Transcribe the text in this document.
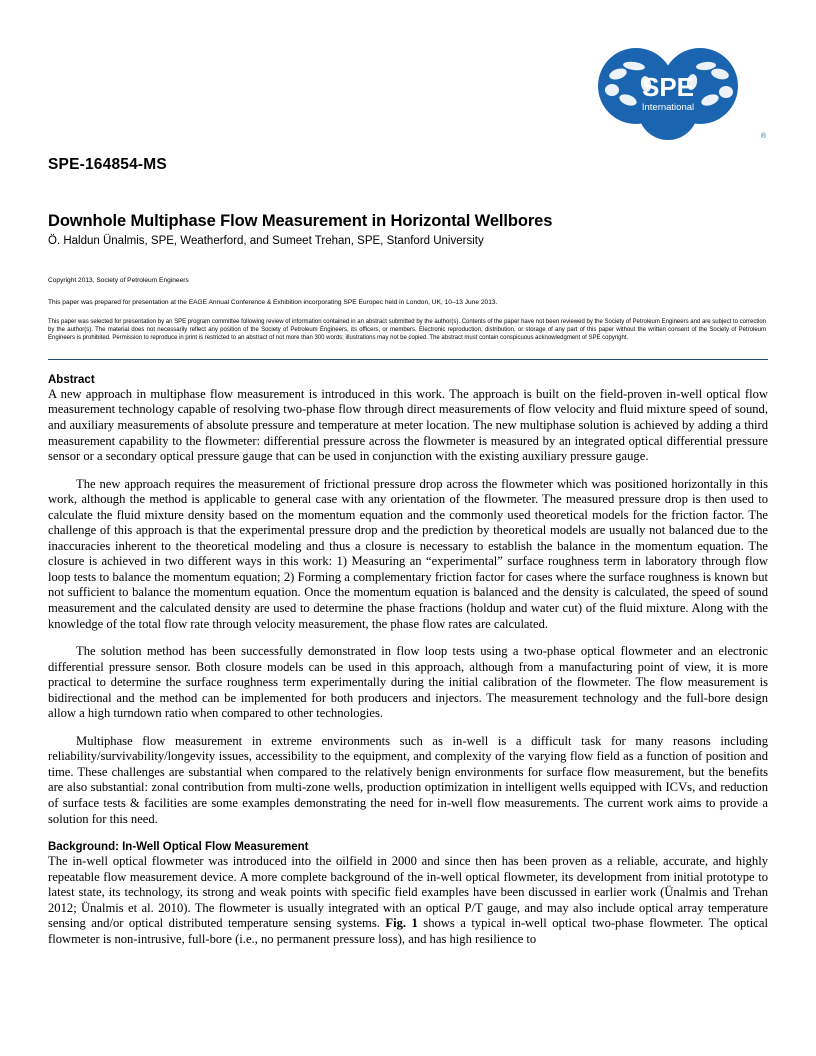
SPE
International
®
SPE-164854-MS
Downhole Multiphase Flow Measurement in Horizontal Wellbores
Ö. Haldun Ünalmis, SPE, Weatherford, and Sumeet Trehan, SPE, Stanford University
Copyright 2013, Society of Petroleum Engineers
This paper was prepared for presentation at the EAGE Annual Conference & Exhibition incorporating SPE Europec held in London, UK, 10–13 June 2013.
This paper was selected for presentation by an SPE program committee following review of information contained in an abstract submitted by the author(s). Contents of the paper have not been reviewed by the Society of Petroleum Engineers and are subject to correction by the author(s). The material does not necessarily reflect any position of the Society of Petroleum Engineers, its officers, or members. Electronic reproduction, distribution, or storage of any part of this paper without the written consent of the Society of Petroleum Engineers is prohibited. Permission to reproduce in print is restricted to an abstract of not more than 300 words; illustrations may not be copied. The abstract must contain conspicuous acknowledgment of SPE copyright.
Abstract

A new approach in multiphase flow measurement is introduced in this work. The approach is built on the field-proven in-well optical flow measurement technology capable of resolving two-phase flow through direct measurements of flow velocity and fluid mixture speed of sound, and auxiliary measurements of absolute pressure and temperature at meter location. The new multiphase solution is achieved by adding a third measurement capability to the flowmeter: differential pressure across the flowmeter is measured by an integrated optical differential pressure sensor or a secondary optical pressure gauge that can be used in conjunction with the existing auxiliary pressure gauge.

The new approach requires the measurement of frictional pressure drop across the flowmeter which was positioned horizontally in this work, although the method is applicable to general case with any orientation of the flowmeter. The measured pressure drop is then used to calculate the fluid mixture density based on the momentum equation and the commonly used theoretical models for the friction factor. The challenge of this approach is that the experimental pressure drop and the prediction by theoretical models are usually not balanced due to the inaccuracies inherent to the theoretical modeling and thus a closure is necessary to establish the balance in the momentum equation. The closure is achieved in two different ways in this work: 1) Measuring an “experimental” surface roughness term in laboratory through flow loop tests to balance the momentum equation; 2) Forming a complementary friction factor for cases where the surface roughness is known but not sufficient to balance the momentum equation. Once the momentum equation is balanced and the density is calculated, the speed of sound measurement and the calculated density are used to determine the phase fractions (holdup and water cut) of the fluid mixture. Along with the knowledge of the total flow rate through velocity measurement, the phase flow rates are calculated.

The solution method has been successfully demonstrated in flow loop tests using a two-phase optical flowmeter and an electronic differential pressure sensor. Both closure models can be used in this approach, although from a manufacturing point of view, it is more practical to determine the surface roughness term experimentally during the initial calibration of the flowmeter. The flow measurement is bidirectional and the method can be implemented for both producers and injectors. The measurement technology and the full-bore design allow a high turndown ratio when compared to other technologies.

Multiphase flow measurement in extreme environments such as in-well is a difficult task for many reasons including reliability/survivability/longevity issues, accessibility to the equipment, and complexity of the varying flow field as a function of position and time. These challenges are substantial when compared to the relatively benign environments for surface flow measurement, but the benefits are also substantial: zonal contribution from multi-zone wells, production optimization in intelligent wells equipped with ICVs, and reduction of surface tests & facilities are some examples demonstrating the need for in-well flow measurements. The current work aims to provide a solution for this need.

Background: In-Well Optical Flow Measurement

The in-well optical flowmeter was introduced into the oilfield in 2000 and since then has been proven as a reliable, accurate, and highly repeatable flow measurement device. A more complete background of the in-well optical flowmeter, its development from initial prototype to latest state, its technology, its strong and weak points with specific field examples have been discussed in earlier work (Ünalmis and Trehan 2012; Ünalmis et al. 2010). The flowmeter is usually integrated with an optical P/T gauge, and may also include optical array temperature sensing and/or optical distributed temperature sensing systems. Fig. 1 shows a typical in-well optical two-phase flowmeter. The optical flowmeter is non-intrusive, full-bore (i.e., no permanent pressure loss), and has high resilience to
